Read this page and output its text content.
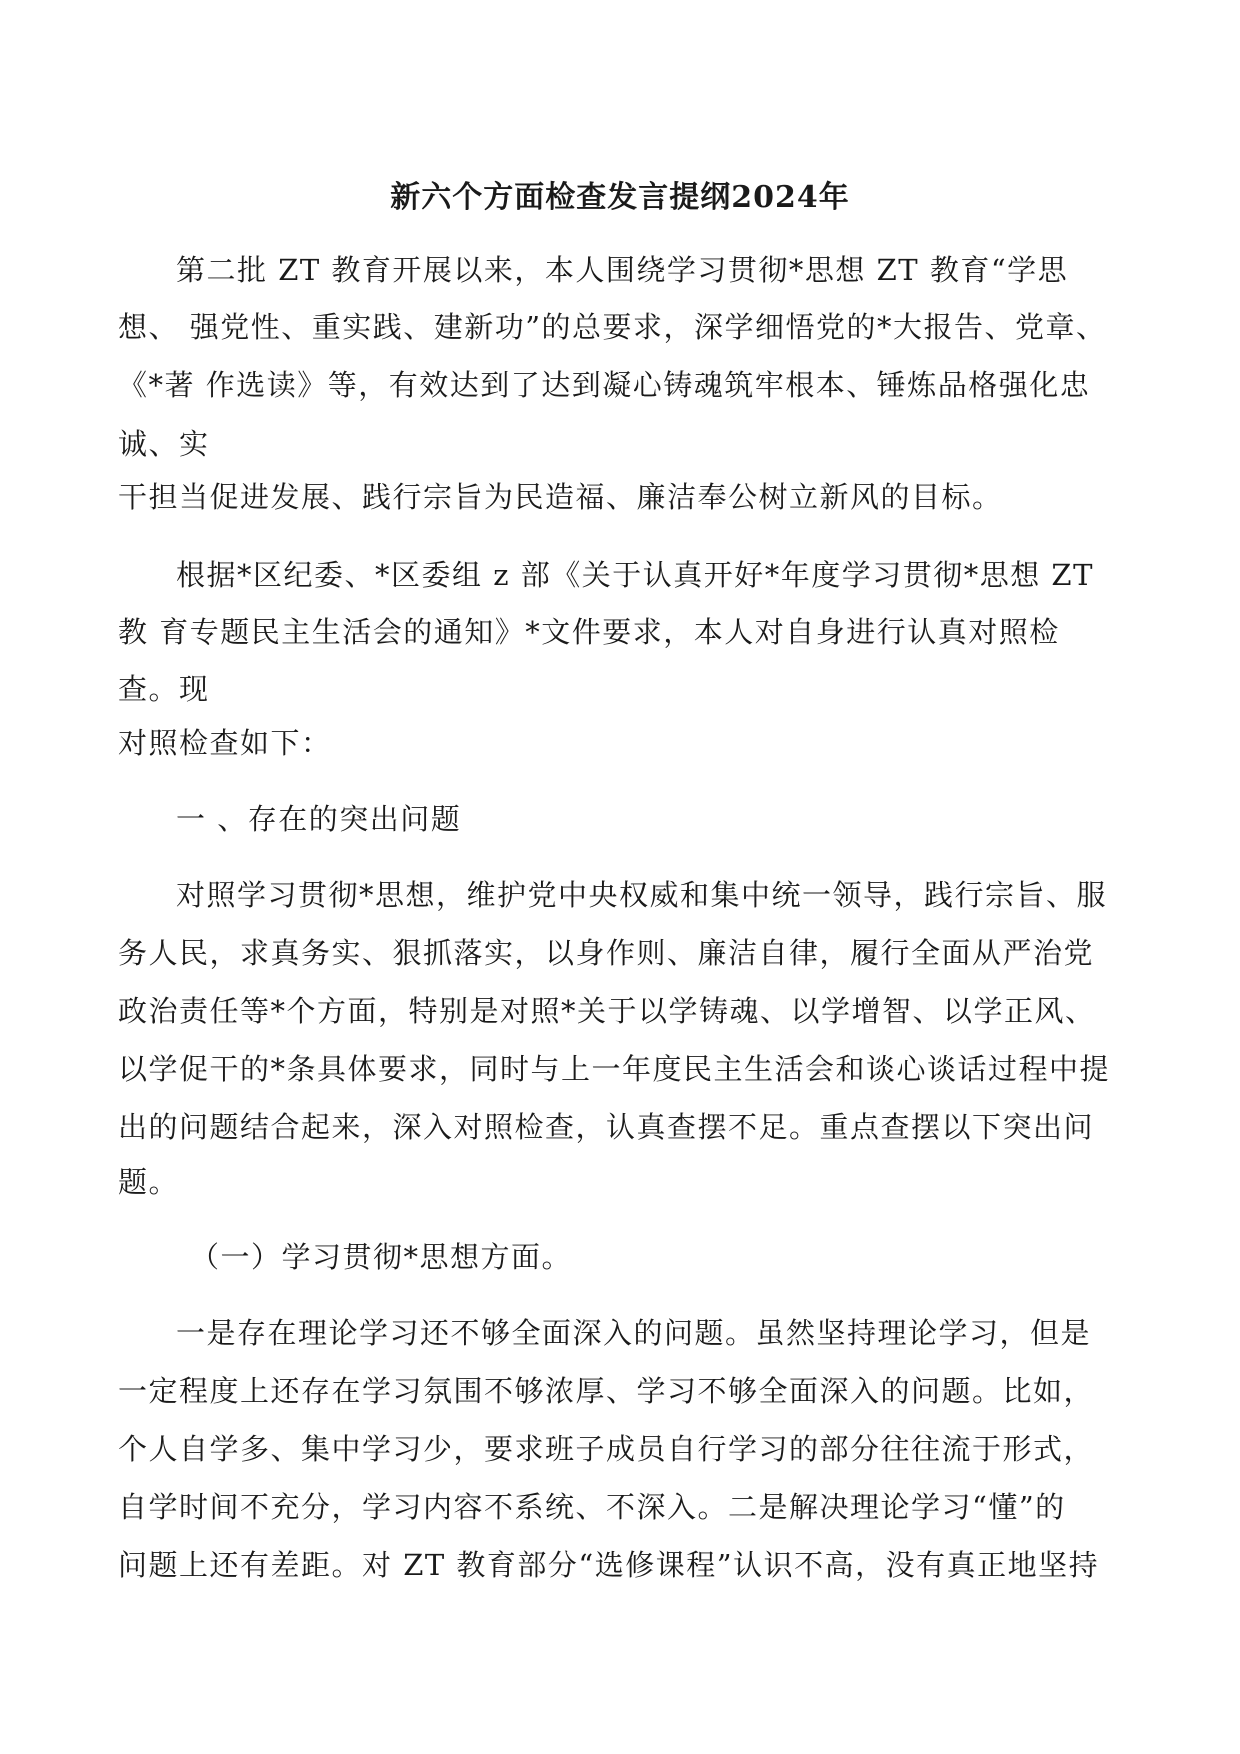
新六个方面检查发言提纲2024年
第二批 ZT 教育开展以来，本人围绕学习贯彻*思想 ZT 教育“学思
想、 强党性、重实践、建新功”的总要求，深学细悟党的*大报告、党章、
《*著 作选读》等，有效达到了达到凝心铸魂筑牢根本、锤炼品格强化忠
诚、实
干担当促进发展、践行宗旨为民造福、廉洁奉公树立新风的目标。
根据*区纪委、*区委组 z 部《关于认真开好*年度学习贯彻*思想 ZT
教 育专题民主生活会的通知》*文件要求，本人对自身进行认真对照检
查。现
对照检查如下：
一 、存在的突出问题
对照学习贯彻*思想，维护党中央权威和集中统一领导，践行宗旨、服
务人民，求真务实、狠抓落实，以身作则、廉洁自律，履行全面从严治党
政治责任等*个方面，特别是对照*关于以学铸魂、以学增智、以学正风、
以学促干的*条具体要求，同时与上一年度民主生活会和谈心谈话过程中提
出的问题结合起来，深入对照检查，认真查摆不足。重点查摆以下突出问
题。
（一）学习贯彻*思想方面。
一是存在理论学习还不够全面深入的问题。虽然坚持理论学习，但是
一定程度上还存在学习氛围不够浓厚、学习不够全面深入的问题。比如，
个人自学多、集中学习少，要求班子成员自行学习的部分往往流于形式，
自学时间不充分，学习内容不系统、不深入。二是解决理论学习“懂”的
问题上还有差距。对 ZT 教育部分“选修课程”认识不高，没有真正地坚持
